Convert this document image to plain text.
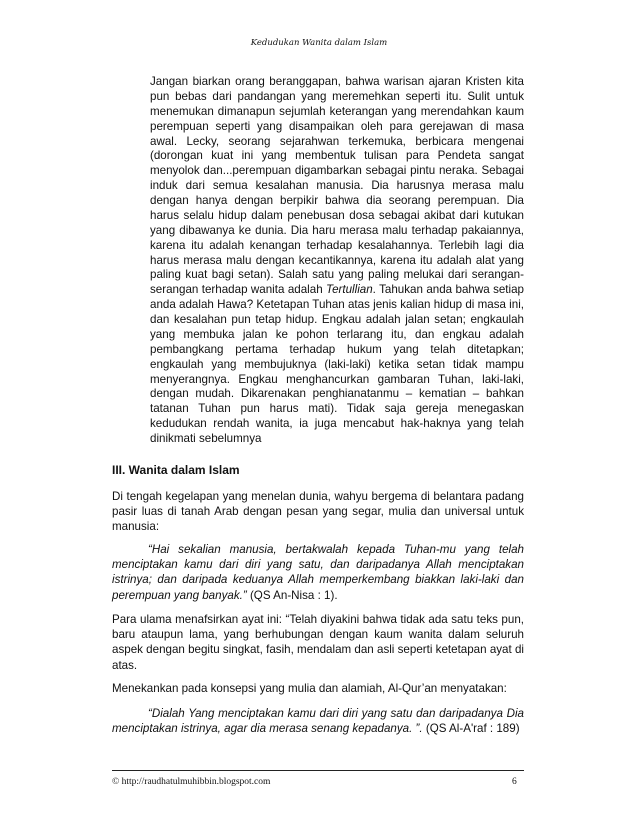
Kedudukan Wanita dalam Islam

Jangan biarkan orang beranggapan, bahwa warisan ajaran Kristen kita pun bebas dari pandangan yang meremehkan seperti itu. Sulit untuk menemukan dimanapun sejumlah keterangan yang merendahkan kaum perempuan seperti yang disampaikan oleh para gerejawan di masa awal. Lecky, seorang sejarahwan terkemuka, berbicara mengenai (dorongan kuat ini yang membentuk tulisan para Pendeta sangat menyolok dan...perempuan digambarkan sebagai pintu neraka. Sebagai induk dari semua kesalahan manusia. Dia harusnya merasa malu dengan hanya dengan berpikir bahwa dia seorang perempuan. Dia harus selalu hidup dalam penebusan dosa sebagai akibat dari kutukan yang dibawanya ke dunia. Dia haru merasa malu terhadap pakaiannya, karena itu adalah kenangan terhadap kesalahannya. Terlebih lagi dia harus merasa malu dengan kecantikannya, karena itu adalah alat yang paling kuat bagi setan). Salah satu yang paling melukai dari serangan-serangan terhadap wanita adalah Tertullian. Tahukan anda bahwa setiap anda adalah Hawa? Ketetapan Tuhan atas jenis kalian hidup di masa ini, dan kesalahan pun tetap hidup. Engkau adalah jalan setan; engkaulah yang membuka jalan ke pohon terlarang itu, dan engkau adalah pembangkang pertama terhadap hukum yang telah ditetapkan; engkaulah yang membujuknya (laki-laki) ketika setan tidak mampu menyerangnya. Engkau menghancurkan gambaran Tuhan, laki-laki, dengan mudah. Dikarenakan penghianatanmu – kematian – bahkan tatanan Tuhan pun harus mati). Tidak saja gereja menegaskan kedudukan rendah wanita, ia juga mencabut hak-haknya yang telah dinikmati sebelumnya

III. Wanita dalam Islam

Di tengah kegelapan yang menelan dunia, wahyu bergema di belantara padang pasir luas di tanah Arab dengan pesan yang segar, mulia dan universal untuk manusia:

“Hai sekalian manusia, bertakwalah kepada Tuhan-mu yang telah menciptakan kamu dari diri yang satu, dan daripadanya Allah menciptakan istrinya; dan daripada keduanya Allah memperkembang biakkan laki-laki dan perempuan yang banyak.” (QS An-Nisa : 1).

Para ulama menafsirkan ayat ini: “Telah diyakini bahwa tidak ada satu teks pun, baru ataupun lama, yang berhubungan dengan kaum wanita dalam seluruh aspek dengan begitu singkat, fasih, mendalam dan asli seperti ketetapan ayat di atas.

Menekankan pada konsepsi yang mulia dan alamiah, Al-Qur’an menyatakan:

“Dialah Yang menciptakan kamu dari diri yang satu dan daripadanya Dia menciptakan istrinya, agar dia merasa senang kepadanya. ”. (QS Al-A'raf : 189)

© http://raudhatulmuhibbin.blogspot.com	6
